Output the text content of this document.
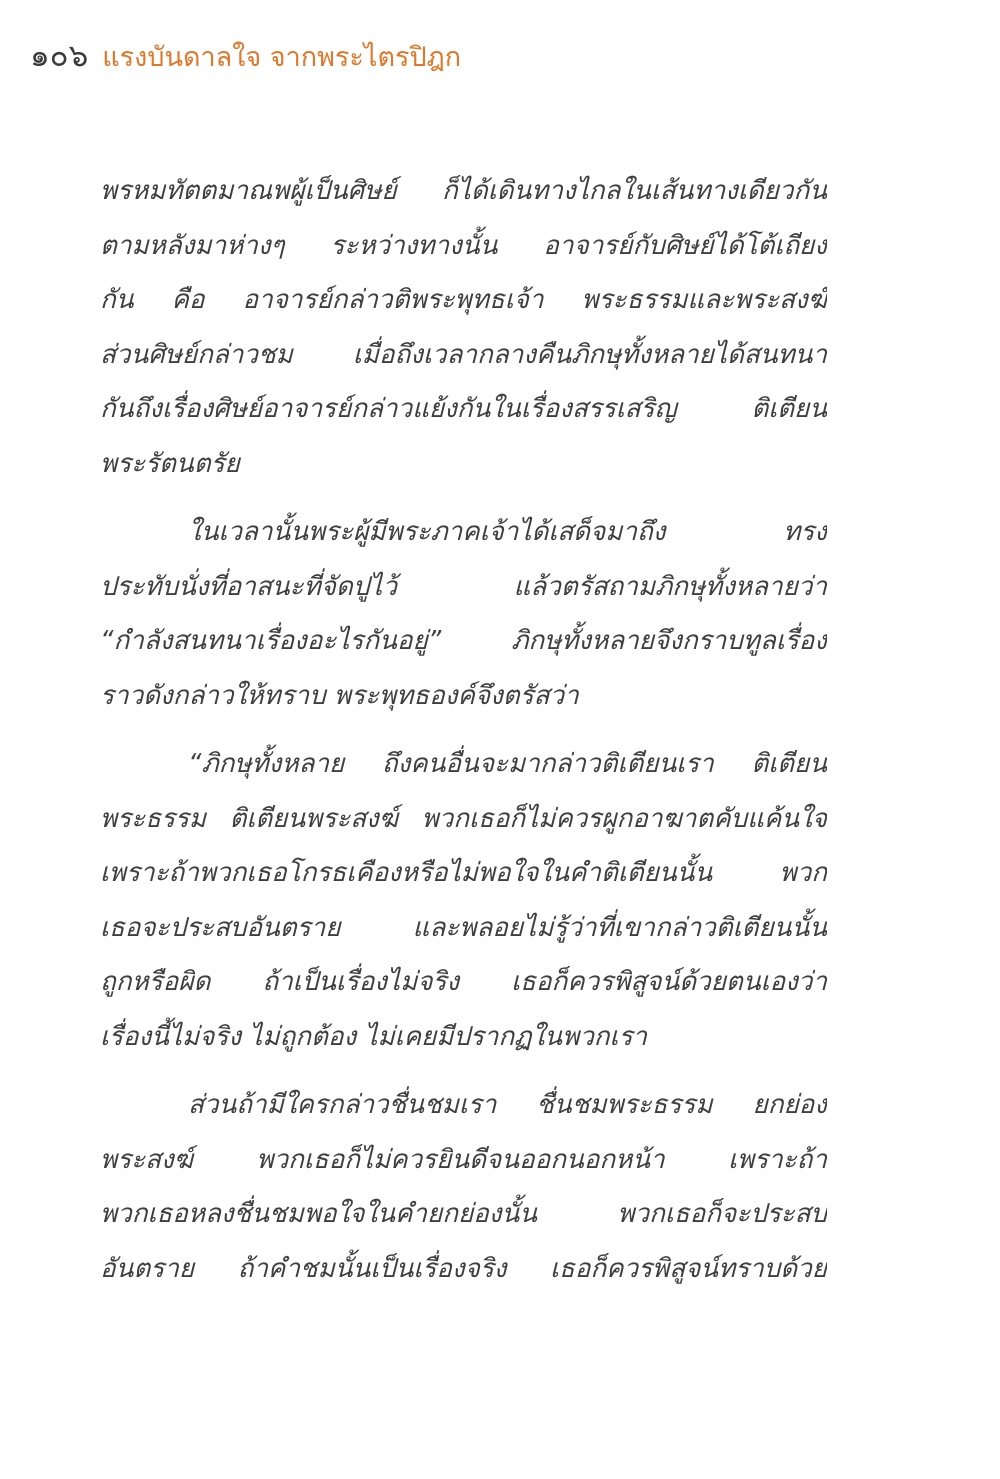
๑๐๖ แรงบันดาลใจ จากพระไตรปิฎก

พรหมทัตตมาณพผู้เป็นศิษย์ ก็ได้เดินทางไกลในเส้นทางเดียวกัน
ตามหลังมาห่างๆ ระหว่างทางนั้น อาจารย์กับศิษย์ได้โต้เถียง
กัน คือ อาจารย์กล่าวติพระพุทธเจ้า พระธรรมและพระสงฆ์
ส่วนศิษย์กล่าวชม เมื่อถึงเวลากลางคืนภิกษุทั้งหลายได้สนทนา
กันถึงเรื่องศิษย์อาจารย์กล่าวแย้งกันในเรื่องสรรเสริญ ติเตียน
พระรัตนตรัย

ในเวลานั้นพระผู้มีพระภาคเจ้าได้เสด็จมาถึง ทรง
ประทับนั่งที่อาสนะที่จัดปูไว้ แล้วตรัสถามภิกษุทั้งหลายว่า
“กำลังสนทนาเรื่องอะไรกันอยู่” ภิกษุทั้งหลายจึงกราบทูลเรื่อง
ราวดังกล่าวให้ทราบ พระพุทธองค์จึงตรัสว่า

“ภิกษุทั้งหลาย ถึงคนอื่นจะมากล่าวติเตียนเรา ติเตียน
พระธรรม ติเตียนพระสงฆ์ พวกเธอก็ไม่ควรผูกอาฆาตคับแค้นใจ
เพราะถ้าพวกเธอโกรธเคืองหรือไม่พอใจในคำติเตียนนั้น พวก
เธอจะประสบอันตราย และพลอยไม่รู้ว่าที่เขากล่าวติเตียนนั้น
ถูกหรือผิด ถ้าเป็นเรื่องไม่จริง เธอก็ควรพิสูจน์ด้วยตนเองว่า
เรื่องนี้ไม่จริง ไม่ถูกต้อง ไม่เคยมีปรากฏในพวกเรา

ส่วนถ้ามีใครกล่าวชื่นชมเรา ชื่นชมพระธรรม ยกย่อง
พระสงฆ์ พวกเธอก็ไม่ควรยินดีจนออกนอกหน้า เพราะถ้า
พวกเธอหลงชื่นชมพอใจในคำยกย่องนั้น พวกเธอก็จะประสบ
อันตราย ถ้าคำชมนั้นเป็นเรื่องจริง เธอก็ควรพิสูจน์ทราบด้วย
